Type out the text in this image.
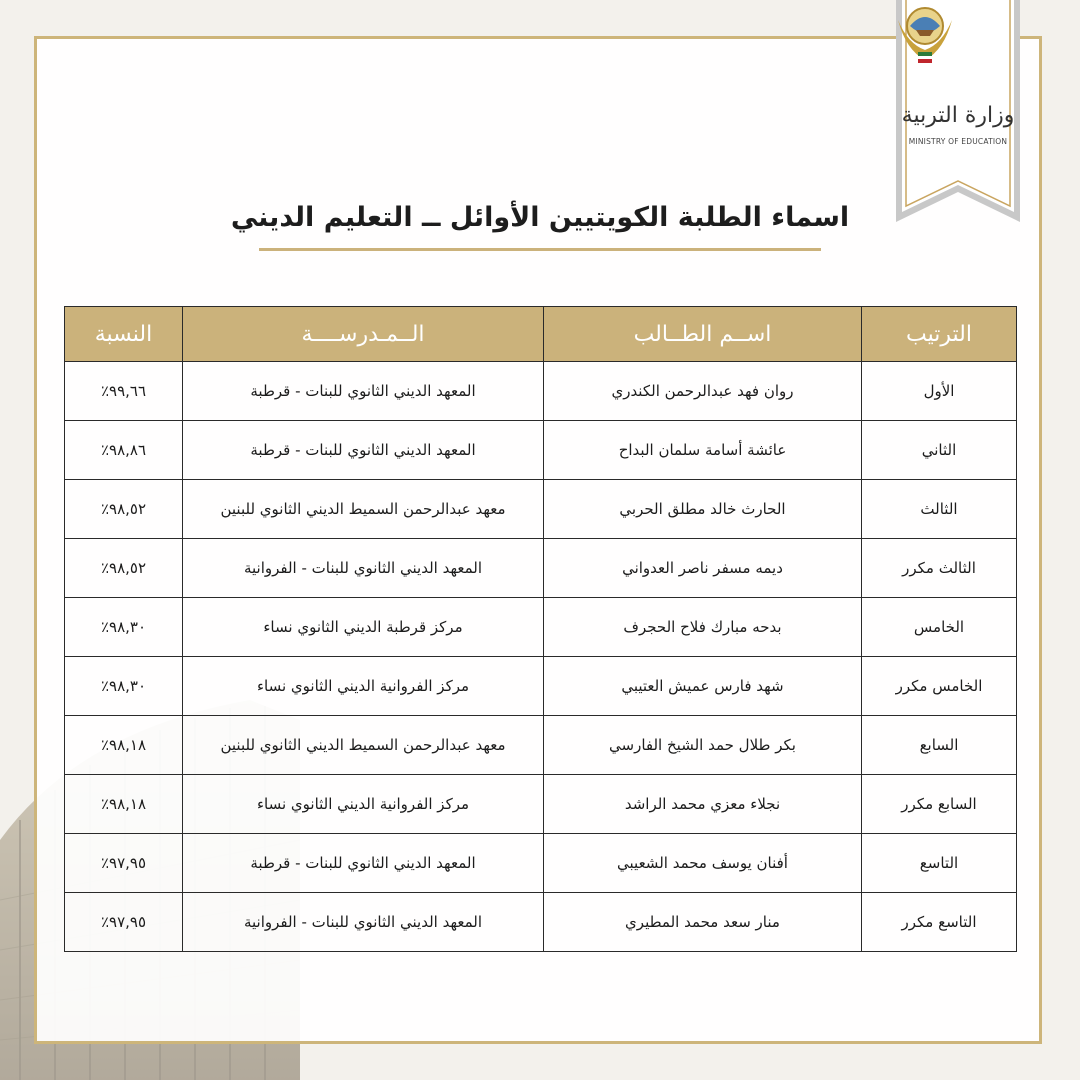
وزارة التربية
MINISTRY OF EDUCATION
اسماء الطلبة الكويتيين الأوائل ــ التعليم الديني
الترتيب	اســم الطــالب	الــمـدرســــة	النسبة
الأول	روان فهد عبدالرحمن الكندري	المعهد الديني الثانوي للبنات - قرطبة	٩٩,٦٦٪
الثاني	عائشة أسامة سلمان البداح	المعهد الديني الثانوي للبنات - قرطبة	٩٨,٨٦٪
الثالث	الحارث خالد مطلق الحربي	معهد عبدالرحمن السميط الديني الثانوي للبنين	٩٨,٥٢٪
الثالث مكرر	ديمه مسفر ناصر العدواني	المعهد الديني الثانوي للبنات - الفروانية	٩٨,٥٢٪
الخامس	بدحه مبارك فلاح الحجرف	مركز قرطبة الديني الثانوي نساء	٩٨,٣٠٪
الخامس مكرر	شهد فارس عميش العتيبي	مركز الفروانية الديني الثانوي نساء	٩٨,٣٠٪
السابع	بكر طلال حمد الشيخ الفارسي	معهد عبدالرحمن السميط الديني الثانوي للبنين	٩٨,١٨٪
السابع مكرر	نجلاء معزي محمد الراشد	مركز الفروانية الديني الثانوي نساء	٩٨,١٨٪
التاسع	أفنان يوسف محمد الشعيبي	المعهد الديني الثانوي للبنات - قرطبة	٩٧,٩٥٪
التاسع مكرر	منار سعد محمد المطيري	المعهد الديني الثانوي للبنات - الفروانية	٩٧,٩٥٪
